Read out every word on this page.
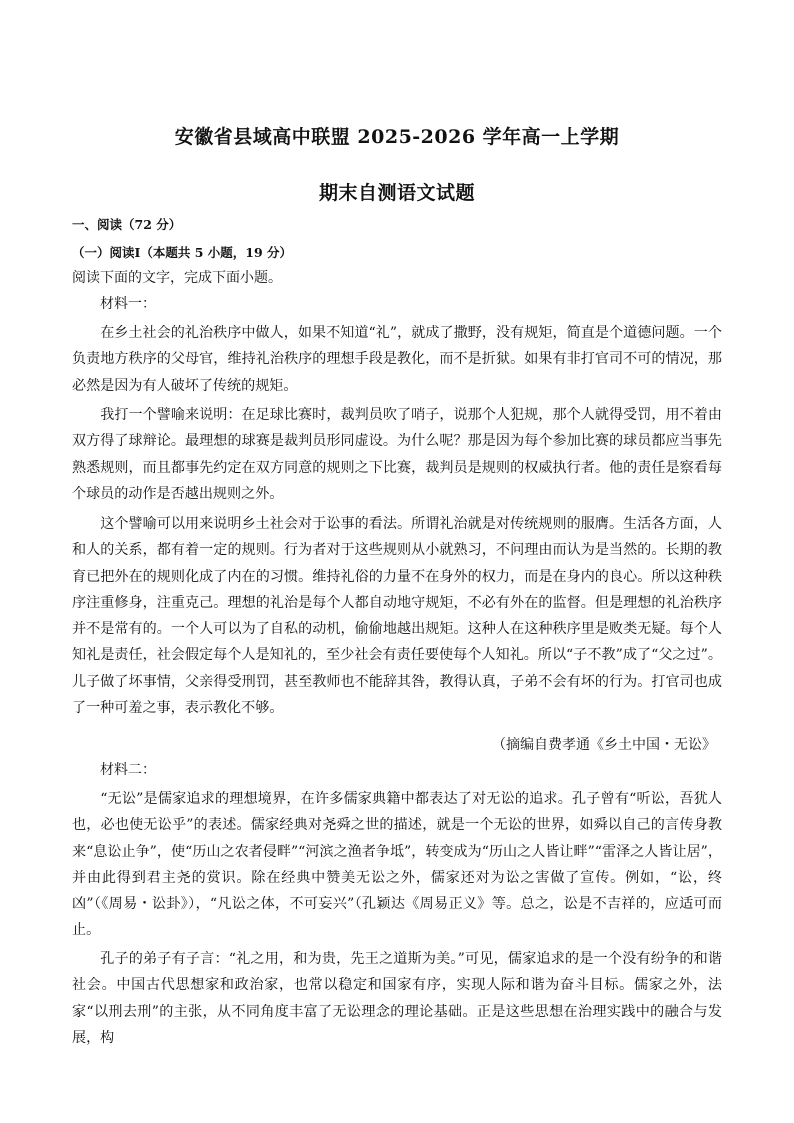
安徽省县域高中联盟 2025-2026 学年高一上学期
期末自测语文试题
一、阅读（72 分）
（一）阅读Ⅰ（本题共 5 小题，19 分）
阅读下面的文字，完成下面小题。
材料一：

在乡土社会的礼治秩序中做人，如果不知道“礼”，就成了撒野，没有规矩，简直是个道德问题。一个负责地方秩序的父母官，维持礼治秩序的理想手段是教化，而不是折狱。如果有非打官司不可的情况，那必然是因为有人破坏了传统的规矩。

我打一个譬喻来说明：在足球比赛时，裁判员吹了哨子，说那个人犯规，那个人就得受罚，用不着由双方得了球辩论。最理想的球赛是裁判员形同虚设。为什么呢？那是因为每个参加比赛的球员都应当事先熟悉规则，而且都事先约定在双方同意的规则之下比赛，裁判员是规则的权威执行者。他的责任是察看每个球员的动作是否越出规则之外。

这个譬喻可以用来说明乡土社会对于讼事的看法。所谓礼治就是对传统规则的服膺。生活各方面，人和人的关系，都有着一定的规则。行为者对于这些规则从小就熟习，不问理由而认为是当然的。长期的教育已把外在的规则化成了内在的习惯。维持礼俗的力量不在身外的权力，而是在身内的良心。所以这种秩序注重修身，注重克己。理想的礼治是每个人都自动地守规矩，不必有外在的监督。但是理想的礼治秩序并不是常有的。一个人可以为了自私的动机，偷偷地越出规矩。这种人在这种秩序里是败类无疑。每个人知礼是责任，社会假定每个人是知礼的，至少社会有责任要使每个人知礼。所以“子不教”成了“父之过”。儿子做了坏事情，父亲得受刑罚，甚至教师也不能辞其咎，教得认真，子弟不会有坏的行为。打官司也成了一种可羞之事，表示教化不够。

（摘编自费孝通《乡土中国・无讼》
材料二：

“无讼”是儒家追求的理想境界，在许多儒家典籍中都表达了对无讼的追求。孔子曾有“听讼，吾犹人也，必也使无讼乎”的表述。儒家经典对尧舜之世的描述，就是一个无讼的世界，如舜以自己的言传身教来“息讼止争”，使“历山之农者侵畔”“河滨之渔者争坻”，转变成为“历山之人皆让畔”“雷泽之人皆让居”，并由此得到君主尧的赏识。除在经典中赞美无讼之外，儒家还对为讼之害做了宣传。例如，“讼，终凶”（《周易・讼卦》），“凡讼之体，不可妄兴”（孔颖达《周易正义》等。总之，讼是不吉祥的，应适可而止。

孔子的弟子有子言：“礼之用，和为贵，先王之道斯为美。”可见，儒家追求的是一个没有纷争的和谐社会。中国古代思想家和政治家，也常以稳定和国家有序，实现人际和谐为奋斗目标。儒家之外，法家“以刑去刑”的主张，从不同角度丰富了无讼理念的理论基础。正是这些思想在治理实践中的融合与发展，构
